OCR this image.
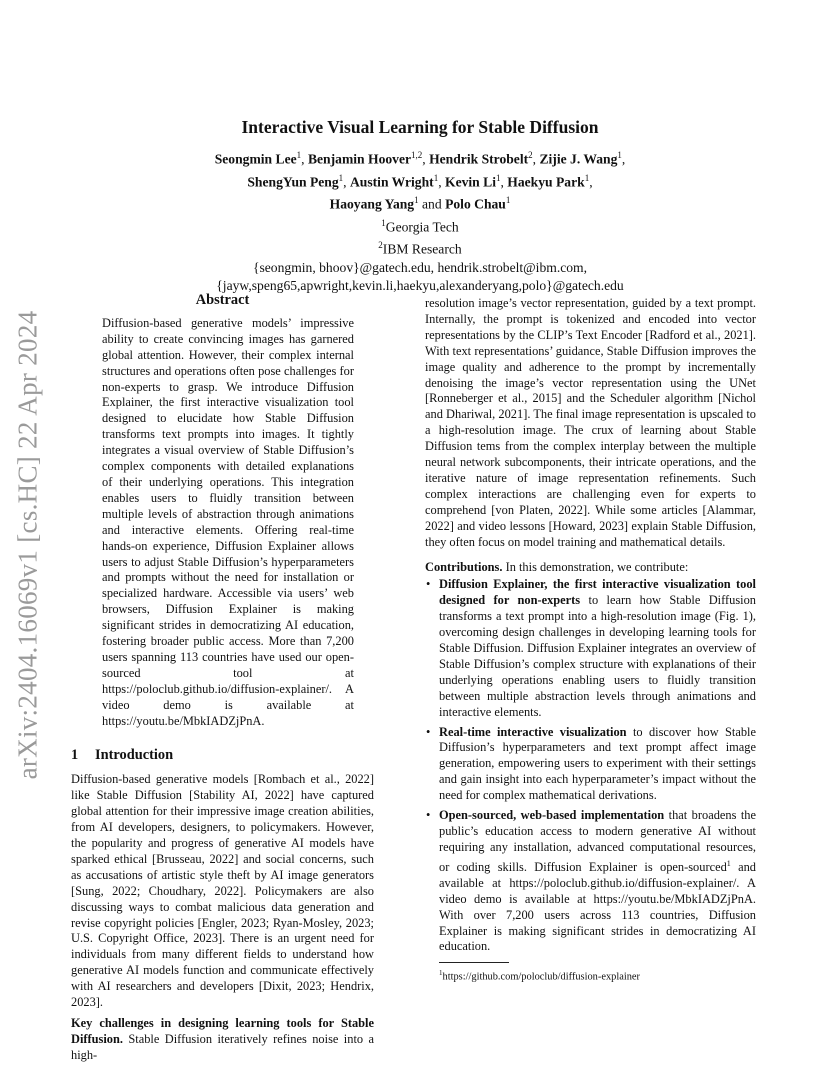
arXiv:2404.16069v1 [cs.HC] 22 Apr 2024
Interactive Visual Learning for Stable Diffusion
Seongmin Lee$^1$, Benjamin Hoover$^{1,2}$, Hendrik Strobelt$^2$, Zijie J. Wang$^1$,
ShengYun Peng$^1$, Austin Wright$^1$, Kevin Li$^1$, Haekyu Park$^1$,
Haoyang Yang$^1$ and Polo Chau$^1$
$^1$Georgia Tech
$^2$IBM Research
{seongmin, bhoov}@gatech.edu, hendrik.strobelt@ibm.com,
{jayw,speng65,apwright,kevin.li,haekyu,alexanderyang,polo}@gatech.edu
Abstract

Diffusion-based generative models’ impressive ability to create convincing images has garnered global attention. However, their complex internal structures and operations often pose challenges for non-experts to grasp. We introduce Diffusion Explainer, the first interactive visualization tool designed to elucidate how Stable Diffusion transforms text prompts into images. It tightly integrates a visual overview of Stable Diffusion’s complex components with detailed explanations of their underlying operations. This integration enables users to fluidly transition between multiple levels of abstraction through animations and interactive elements. Offering real-time hands-on experience, Diffusion Explainer allows users to adjust Stable Diffusion’s hyperparameters and prompts without the need for installation or specialized hardware. Accessible via users’ web browsers, Diffusion Explainer is making significant strides in democratizing AI education, fostering broader public access. More than 7,200 users spanning 113 countries have used our open-sourced tool at https://poloclub.github.io/diffusion-explainer/. A video demo is available at https://youtu.be/MbkIADZjPnA.

1	Introduction

Diffusion-based generative models [Rombach et al., 2022] like Stable Diffusion [Stability AI, 2022] have captured global attention for their impressive image creation abilities, from AI developers, designers, to policymakers. However, the popularity and progress of generative AI models have sparked ethical [Brusseau, 2022] and social concerns, such as accusations of artistic style theft by AI image generators [Sung, 2022; Choudhary, 2022]. Policymakers are also discussing ways to combat malicious data generation and revise copyright policies [Engler, 2023; Ryan-Mosley, 2023; U.S. Copyright Office, 2023]. There is an urgent need for individuals from many different fields to understand how generative AI models function and communicate effectively with AI researchers and developers [Dixit, 2023; Hendrix, 2023].

Key challenges in designing learning tools for Stable Diffusion. Stable Diffusion iteratively refines noise into a high-

resolution image’s vector representation, guided by a text prompt. Internally, the prompt is tokenized and encoded into vector representations by the CLIP’s Text Encoder [Radford et al., 2021]. With text representations’ guidance, Stable Diffusion improves the image quality and adherence to the prompt by incrementally denoising the image’s vector representation using the UNet [Ronneberger et al., 2015] and the Scheduler algorithm [Nichol and Dhariwal, 2021]. The final image representation is upscaled to a high-resolution image. The crux of learning about Stable Diffusion tems from the complex interplay between the multiple neural network subcomponents, their intricate operations, and the iterative nature of image representation refinements. Such complex interactions are challenging even for experts to comprehend [von Platen, 2022]. While some articles [Alammar, 2022] and video lessons [Howard, 2023] explain Stable Diffusion, they often focus on model training and mathematical details.

Contributions. In this demonstration, we contribute:

• Diffusion Explainer, the first interactive visualization tool designed for non-experts to learn how Stable Diffusion transforms a text prompt into a high-resolution image (Fig. 1), overcoming design challenges in developing learning tools for Stable Diffusion. Diffusion Explainer integrates an overview of Stable Diffusion’s complex structure with explanations of their underlying operations enabling users to fluidly transition between multiple abstraction levels through animations and interactive elements.
• Real-time interactive visualization to discover how Stable Diffusion’s hyperparameters and text prompt affect image generation, empowering users to experiment with their settings and gain insight into each hyperparameter’s impact without the need for complex mathematical derivations.
• Open-sourced, web-based implementation that broadens the public’s education access to modern generative AI without requiring any installation, advanced computational resources, or coding skills. Diffusion Explainer is open-sourced$^1$ and available at https://poloclub.github.io/diffusion-explainer/. A video demo is available at https://youtu.be/MbkIADZjPnA. With over 7,200 users across 113 countries, Diffusion Explainer is making significant strides in democratizing AI education.
$^1$https://github.com/poloclub/diffusion-explainer
